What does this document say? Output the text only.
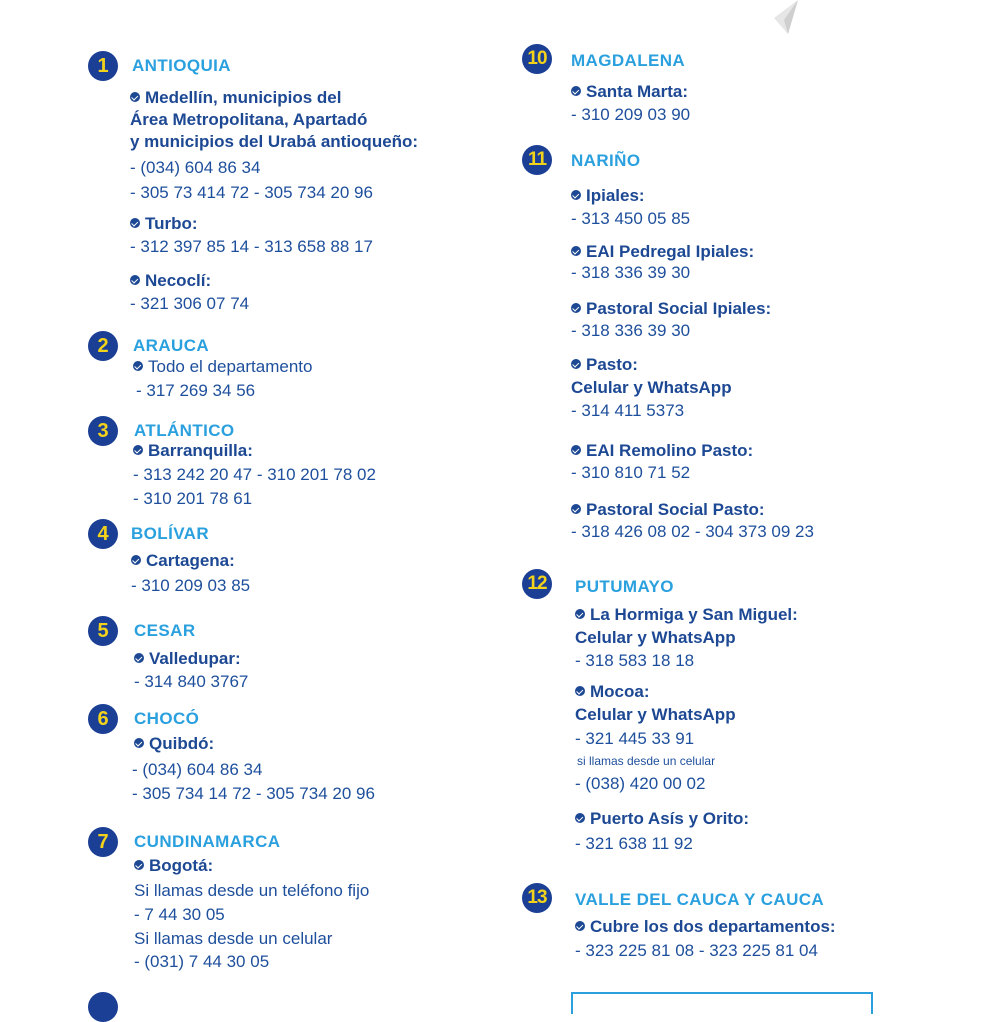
1	ANTIOQUIA
Medellín, municipios del
Área Metropolitana, Apartadó
y municipios del Urabá antioqueño:
- (034) 604 86 34
- 305 73 414 72 - 305 734 20 96
Turbo:
- 312 397 85 14 - 313 658 88 17
Necoclí:
- 321 306 07 74
2	ARAUCA
Todo el departamento
- 317 269 34 56
3	ATLÁNTICO
Barranquilla:
- 313 242 20 47 - 310 201 78 02
- 310 201 78 61
4	BOLÍVAR
Cartagena:
- 310 209 03 85
5	CESAR
Valledupar:
- 314 840 3767
6	CHOCÓ
Quibdó:
- (034) 604 86 34
- 305 734 14 72 - 305 734 20 96
7	CUNDINAMARCA
Bogotá:
Si llamas desde un teléfono fijo
- 7 44 30 05
Si llamas desde un celular
- (031) 7 44 30 05
10	MAGDALENA
Santa Marta:
- 310 209 03 90
11	NARIÑO
Ipiales:
- 313 450 05 85
EAI Pedregal Ipiales:
- 318 336 39 30
Pastoral Social Ipiales:
- 318 336 39 30
Pasto:
Celular y WhatsApp
- 314 411 5373
EAI Remolino Pasto:
- 310 810 71 52
Pastoral Social Pasto:
- 318 426 08 02 - 304 373 09 23
12	PUTUMAYO
La Hormiga y San Miguel:
Celular y WhatsApp
- 318 583 18 18
Mocoa:
Celular y WhatsApp
- 321 445 33 91
si llamas desde un celular
- (038) 420 00 02
Puerto Asís y Orito:
- 321 638 11 92
13	VALLE DEL CAUCA Y CAUCA
Cubre los dos departamentos:
- 323 225 81 08 - 323 225 81 04
